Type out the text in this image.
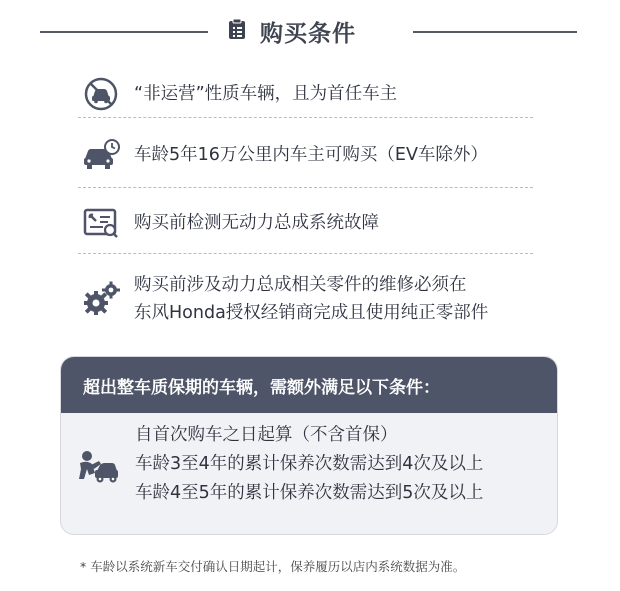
购买条件
“非运营”性质车辆，且为首任车主
车龄5年16万公里内车主可购买（EV车除外）
购买前检测无动力总成系统故障
购买前涉及动力总成相关零件的维修必须在
东风Honda授权经销商完成且使用纯正零部件
超出整车质保期的车辆，需额外满足以下条件：
自首次购车之日起算（不含首保）
车龄3至4年的累计保养次数需达到4次及以上
车龄4至5年的累计保养次数需达到5次及以上
* 车龄以系统新车交付确认日期起计，保养履历以店内系统数据为准。
